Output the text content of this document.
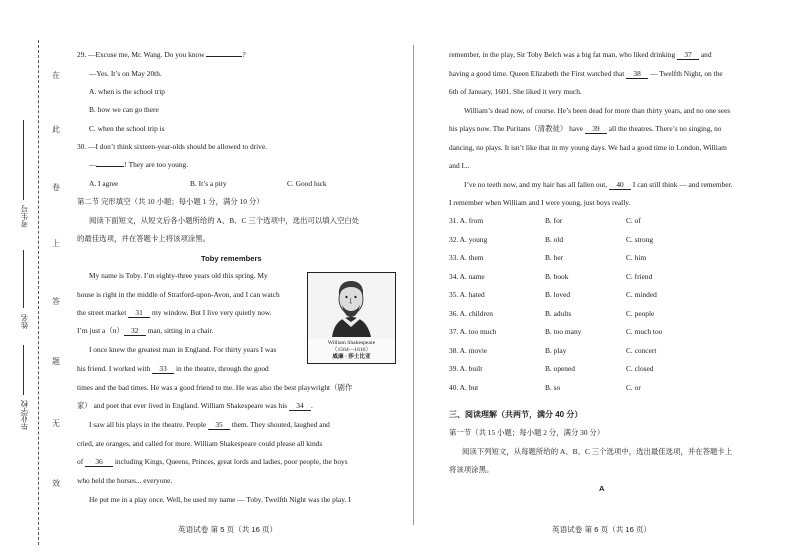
在
此
卷
上
答
题
无
效
考生号
姓名
毕业学校
29. —Excuse me, Mr. Wang. Do you know	?
—Yes. It’s on May 20th.
A. when is the school trip
B. how we can go there
C. when the school trip is
30. —I don’t think sixteen-year-olds should be allowed to drive.
—	! They are too young.
A. I agree	B. It’s a pity	C. Good luck
第二节 完形填空（共 10 小题；每小题 1 分，满分 10 分）
阅读下面短文，从短文后各小题所给的 A、B、C 三个选项中，选出可以填入空白处
的最佳选项，并在答题卡上将该项涂黑。
Toby remembers
My name is Toby. I’m eighty-three years old this spring. My
house is right in the middle of Stratford-upon-Avon, and I can watch
the street market 31 my window. But I live very quietly now.
I’m just a（n） 32 man, sitting in a chair.
William Shakespeare
（1564—1616）
威廉 · 莎士比亚
I once knew the greatest man in England. For thirty years I was
his friend. I worked with 33 in the theatre, through the good
times and the bad times. He was a good friend to me. He was also the best playwright（剧作
家） and poet that ever lived in England. William Shakespeare was his 34 .
I saw all his plays in the theatre. People 35 them. They shouted, laughed and
cried, ate oranges, and called for more. William Shakespeare could please all kinds
of 36 including Kings, Queens, Princes, great lords and ladies, poor people, the boys
who held the horses... everyone.
He put me in a play once. Well, be used my name — Toby. Twelfth Night was the play. I
英语试卷 第 5 页（共 16 页）
remember, in the play, Sir Toby Belch was a big fat man, who liked drinking 37 and
having a good time. Queen Elizabeth the First watched that 38 — Twelfth Night, on the
6th of January, 1601. She liked it very much.
William’s dead now, of course. He’s been dead for more than thirty years, and no one sees
his plays now. The Puritans（清教徒） have 39 all the theatres. There’s no singing, no
dancing, no plays. It isn’t like that in my young days. We had a good time in London, William
and I...
I’ve no teeth now, and my hair has all fallen out, 40 I can still think — and remember.
I remember when William and I were young, just boys really.
31. A. from	B. for	C. of
32. A. young	B. old	C. strong
33. A. them	B. her	C. him
34. A. name	B. book	C. friend
35. A. hated	B. loved	C. minded
36. A. children	B. adults	C. people
37. A. too much	B. too many	C. much too
38. A. movie	B. play	C. concert
39. A. built	B. opened	C. closed
40. A. but	B. so	C. or
三、阅读理解（共两节，满分 40 分）
第一节（共 15 小题；每小题 2 分，满分 30 分）
阅读下列短文，从每题所给的 A、B、C 三个选项中，选出最佳选项，并在答题卡上
将该项涂黑。
A
英语试卷 第 6 页（共 16 页）
